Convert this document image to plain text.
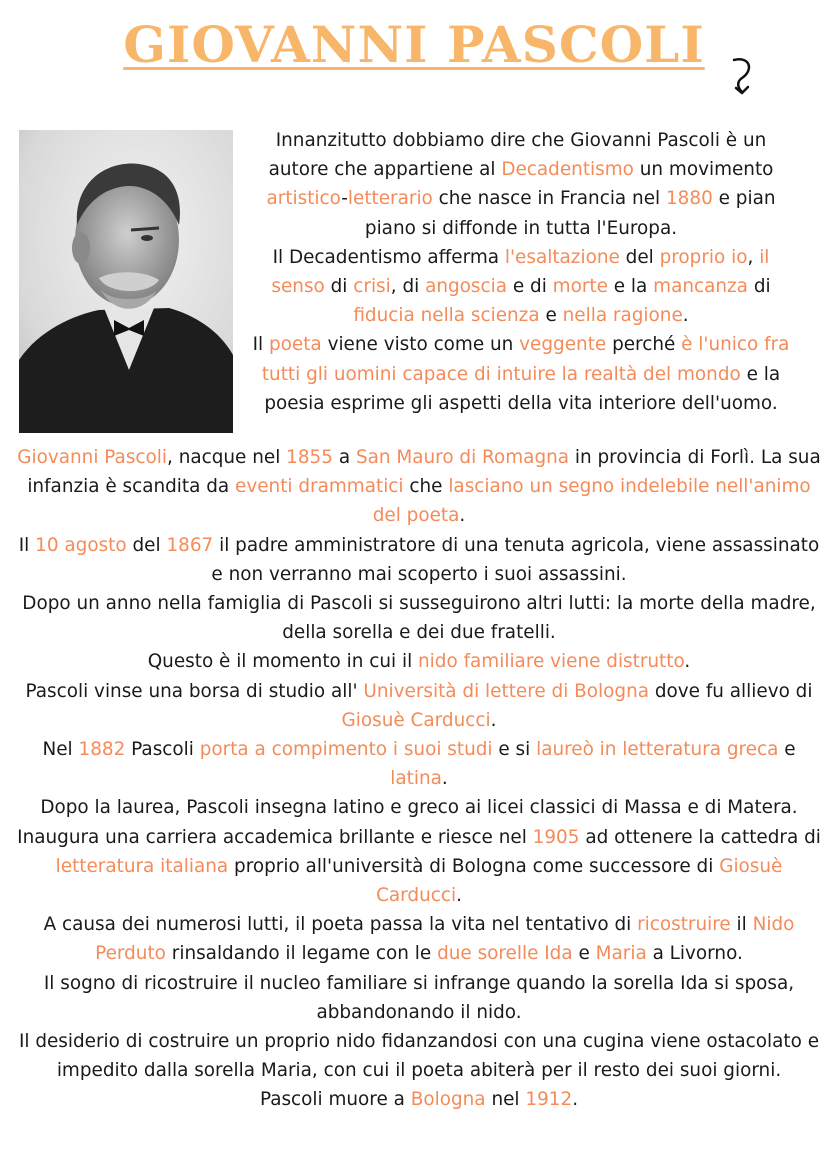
GIOVANNI PASCOLI

Innanzitutto dobbiamo dire che Giovanni Pascoli è un autore che appartiene al Decadentismo un movimento artistico-letterario che nasce in Francia nel 1880 e pian piano si diffonde in tutta l'Europa.
Il Decadentismo afferma l'esaltazione del proprio io, il senso di crisi, di angoscia e di morte e la mancanza di fiducia nella scienza e nella ragione.
Il poeta viene visto come un veggente perché è l'unico fra tutti gli uomini capace di intuire la realtà del mondo e la poesia esprime gli aspetti della vita interiore dell'uomo.

Giovanni Pascoli, nacque nel 1855 a San Mauro di Romagna in provincia di Forlì. La sua infanzia è scandita da eventi drammatici che lasciano un segno indelebile nell'animo del poeta.
Il 10 agosto del 1867 il padre amministratore di una tenuta agricola, viene assassinato e non verranno mai scoperto i suoi assassini.
Dopo un anno nella famiglia di Pascoli si susseguirono altri lutti: la morte della madre, della sorella e dei due fratelli.
Questo è il momento in cui il nido familiare viene distrutto.
Pascoli vinse una borsa di studio all' Università di lettere di Bologna dove fu allievo di Giosuè Carducci.
Nel 1882 Pascoli porta a compimento i suoi studi e si laureò in letteratura greca e latina.
Dopo la laurea, Pascoli insegna latino e greco ai licei classici di Massa e di Matera. Inaugura una carriera accademica brillante e riesce nel 1905 ad ottenere la cattedra di letteratura italiana proprio all'università di Bologna come successore di Giosuè Carducci.
A causa dei numerosi lutti, il poeta passa la vita nel tentativo di ricostruire il Nido Perduto rinsaldando il legame con le due sorelle Ida e Maria a Livorno.
Il sogno di ricostruire il nucleo familiare si infrange quando la sorella Ida si sposa, abbandonando il nido.
Il desiderio di costruire un proprio nido fidanzandosi con una cugina viene ostacolato e impedito dalla sorella Maria, con cui il poeta abiterà per il resto dei suoi giorni.
Pascoli muore a Bologna nel 1912.
